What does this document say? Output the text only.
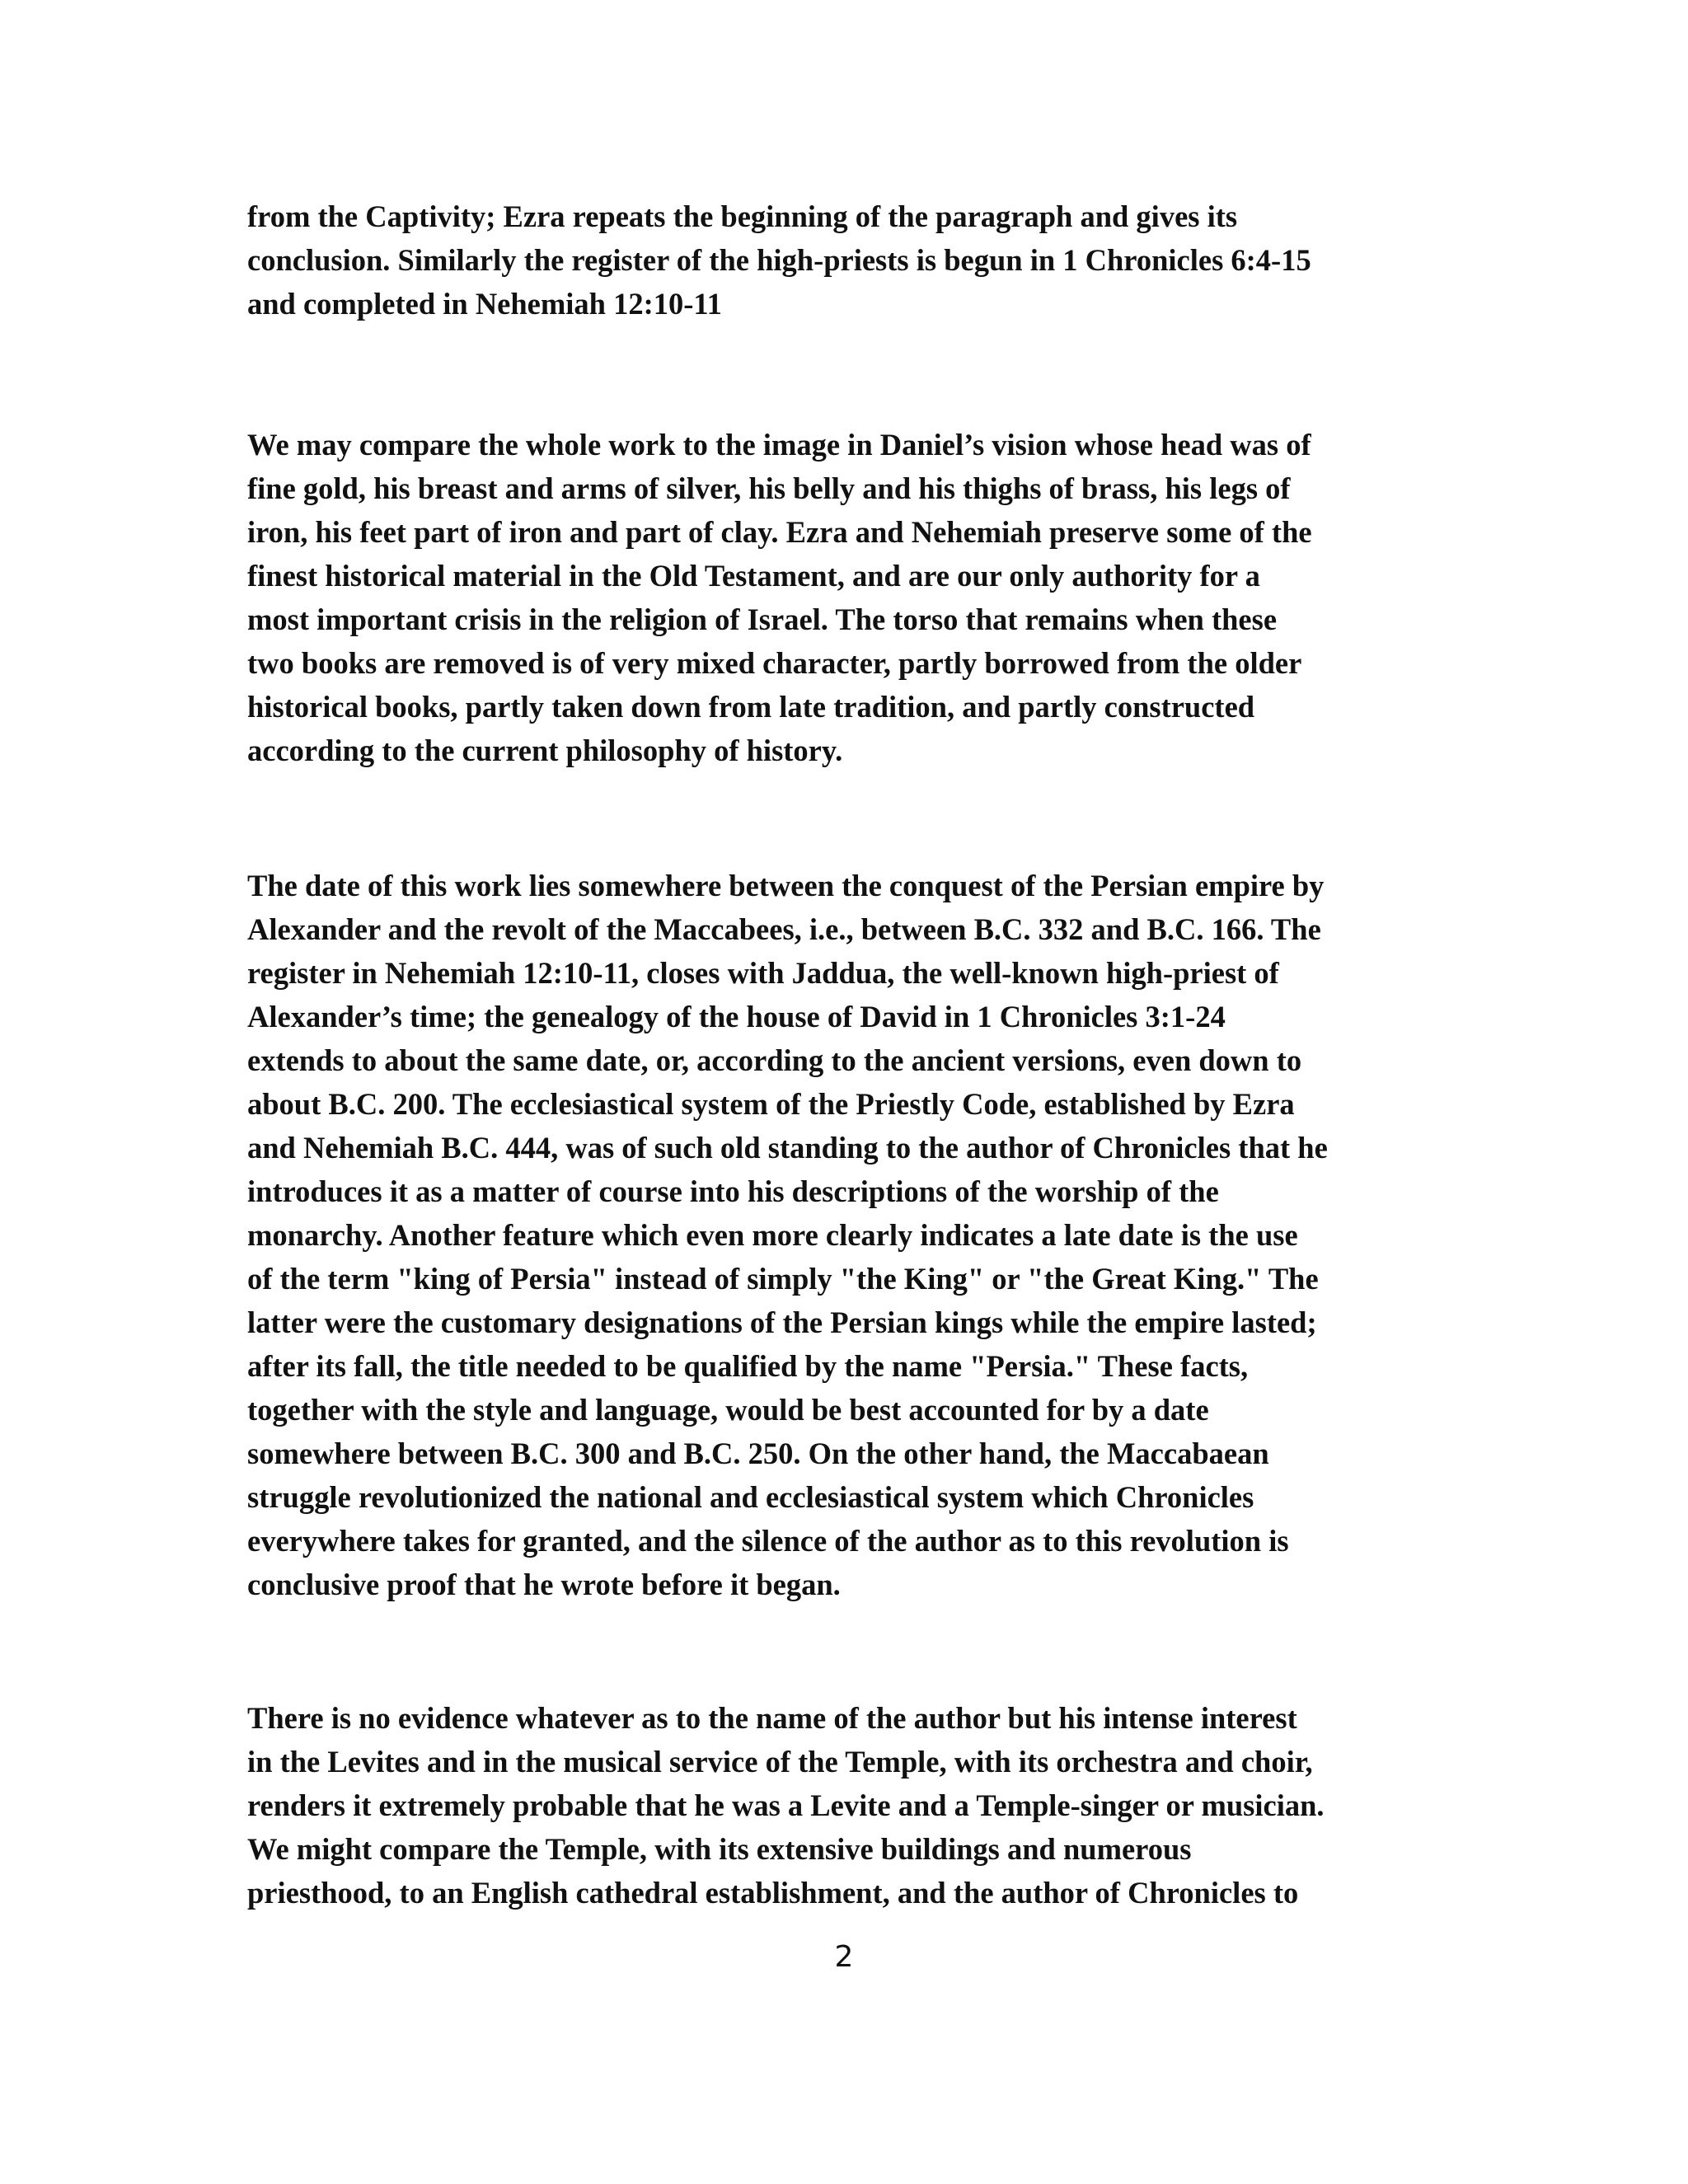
from the Captivity; Ezra repeats the beginning of the paragraph and gives its
conclusion. Similarly the register of the high-priests is begun in 1 Chronicles 6:4-15
and completed in Nehemiah 12:10-11
We may compare the whole work to the image in Daniel’s vision whose head was of
fine gold, his breast and arms of silver, his belly and his thighs of brass, his legs of
iron, his feet part of iron and part of clay. Ezra and Nehemiah preserve some of the
finest historical material in the Old Testament, and are our only authority for a
most important crisis in the religion of Israel. The torso that remains when these
two books are removed is of very mixed character, partly borrowed from the older
historical books, partly taken down from late tradition, and partly constructed
according to the current philosophy of history.
The date of this work lies somewhere between the conquest of the Persian empire by
Alexander and the revolt of the Maccabees, i.e., between B.C. 332 and B.C. 166. The
register in Nehemiah 12:10-11, closes with Jaddua, the well-known high-priest of
Alexander’s time; the genealogy of the house of David in 1 Chronicles 3:1-24
extends to about the same date, or, according to the ancient versions, even down to
about B.C. 200. The ecclesiastical system of the Priestly Code, established by Ezra
and Nehemiah B.C. 444, was of such old standing to the author of Chronicles that he
introduces it as a matter of course into his descriptions of the worship of the
monarchy. Another feature which even more clearly indicates a late date is the use
of the term "king of Persia" instead of simply "the King" or "the Great King." The
latter were the customary designations of the Persian kings while the empire lasted;
after its fall, the title needed to be qualified by the name "Persia." These facts,
together with the style and language, would be best accounted for by a date
somewhere between B.C. 300 and B.C. 250. On the other hand, the Maccabaean
struggle revolutionized the national and ecclesiastical system which Chronicles
everywhere takes for granted, and the silence of the author as to this revolution is
conclusive proof that he wrote before it began.
There is no evidence whatever as to the name of the author but his intense interest
in the Levites and in the musical service of the Temple, with its orchestra and choir,
renders it extremely probable that he was a Levite and a Temple-singer or musician.
We might compare the Temple, with its extensive buildings and numerous
priesthood, to an English cathedral establishment, and the author of Chronicles to
2
